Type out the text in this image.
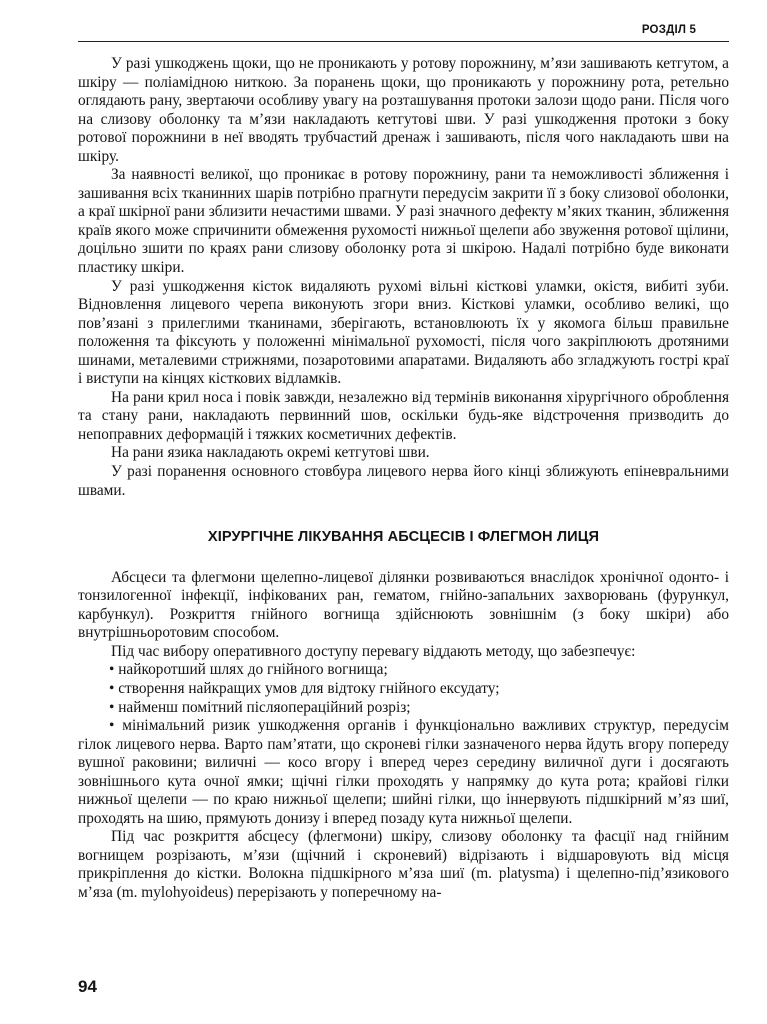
РОЗДІЛ 5

У разі ушкоджень щоки, що не проникають у ротову порожнину, м’язи зашивають кетгутом, а шкіру — поліамідною ниткою. За поранень щоки, що проникають у порожнину рота, ретельно оглядають рану, звертаючи особливу увагу на розташування протоки залози щодо рани. Після чого на слизову оболонку та м’язи накладають кетгутові шви. У разі ушкодження протоки з боку ротової порожнини в неї вводять трубчастий дренаж і зашивають, після чого накладають шви на шкіру.

За наявності великої, що проникає в ротову порожнину, рани та неможливості зближення і зашивання всіх тканинних шарів потрібно прагнути передусім закрити її з боку слизової оболонки, а краї шкірної рани зблизити нечастими швами. У разі значного дефекту м’яких тканин, зближення країв якого може спричинити обмеження рухомості нижньої щелепи або звуження ротової щілини, доцільно зшити по краях рани слизову оболонку рота зі шкірою. Надалі потрібно буде виконати пластику шкіри.

У разі ушкодження кісток видаляють рухомі вільні кісткові уламки, окістя, вибиті зуби. Відновлення лицевого черепа виконують згори вниз. Кісткові уламки, особливо великі, що пов’язані з прилеглими тканинами, зберігають, встановлюють їх у якомога більш правильне положення та фіксують у положенні мінімальної рухомості, після чого закріплюють дротяними шинами, металевими стрижнями, позаротовими апаратами. Видаляють або згладжують гострі краї і виступи на кінцях кісткових відламків.

На рани крил носа і повік завжди, незалежно від термінів виконання хірургічного оброблення та стану рани, накладають первинний шов, оскільки будь-яке відстрочення призводить до непоправних деформацій і тяжких косметичних дефектів.

На рани язика накладають окремі кетгутові шви.

У разі поранення основного стовбура лицевого нерва його кінці зближують епіневральними швами.

ХІРУРГІЧНЕ ЛІКУВАННЯ АБСЦЕСІВ І ФЛЕГМОН ЛИЦЯ

Абсцеси та флегмони щелепно-лицевої ділянки розвиваються внаслідок хронічної одонто- і тонзилогенної інфекції, інфікованих ран, гематом, гнійно-запальних захворювань (фурункул, карбункул). Розкриття гнійного вогнища здійснюють зовнішнім (з боку шкіри) або внутрішньоротовим способом.

Під час вибору оперативного доступу перевагу віддають методу, що забезпечує:

• найкоротший шлях до гнійного вогнища;

• створення найкращих умов для відтоку гнійного ексудату;

• найменш помітний післяопераційний розріз;

• мінімальний ризик ушкодження органів і функціонально важливих структур, передусім гілок лицевого нерва. Варто пам’ятати, що скроневі гілки зазначеного нерва йдуть вгору попереду вушної раковини; виличні — косо вгору і вперед через середину виличної дуги і досягають зовнішнього кута очної ямки; щічні гілки проходять у напрямку до кута рота; крайові гілки нижньої щелепи — по краю нижньої щелепи; шийні гілки, що іннервують підшкірний м’яз шиї, проходять на шию, прямують донизу і вперед позаду кута нижньої щелепи.

Під час розкриття абсцесу (флегмони) шкіру, слизову оболонку та фасції над гнійним вогнищем розрізають, м’язи (щічний і скроневий) відрізають і відшаровують від місця прикріплення до кістки. Волокна підшкірного м’яза шиї (m. platysma) і щелепно-під’язикового м’яза (m. mylohyoideus) перерізають у поперечному на-

94
